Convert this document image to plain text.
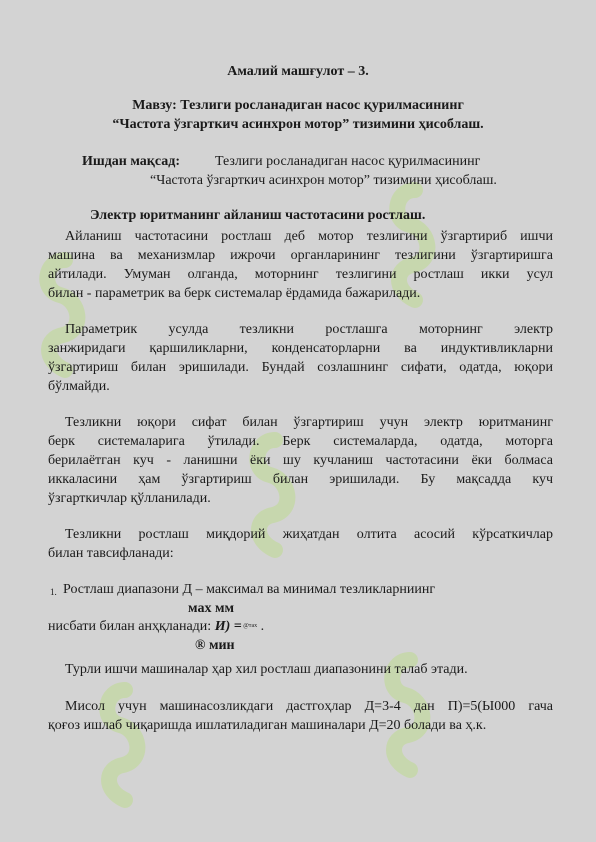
Амалий машғулот – 3.
Мавзу: Тезлиги росланадиган насос қурилмасининг
“Частота ўзгарткич асинхрон мотор” тизимини ҳисоблаш.
Ишдан мақсад:	Тезлиги росланадиган насос қурилмасининг
“Частота ўзгарткич асинхрон мотор” тизимини ҳисоблаш.
Электр юритманинг айланиш частотасини ростлаш.
Айланиш частотасини ростлаш деб мотор тезлигини ўзгартириб ишчи
машина ва механизмлар ижрочи органларининг тезлигини ўзгартиришга
айтилади. Умуман олганда, моторнинг тезлигини ростлаш икки усул
билан - параметрик ва берк системалар ёрдамида бажарилади.
Параметрик усулда тезликни ростлашга моторнинг электр
занжиридаги қаршиликларни, конденсаторларни ва индуктивликларни
ўзгартириш билан эришилади. Бундай созлашнинг сифати, одатда, юқори
бўлмайди.
Тезликни юқори сифат билан ўзгартириш учун электр юритманинг
берк системаларига ўтилади. Берк системаларда, одатда, моторга
берилаётган куч - ланишни ёки шу кучланиш частотасини ёки болмаса
иккаласини ҳам ўзгартириш билан эришилади. Бу мақсадда куч
ўзгарткичлар қўлланилади.
Тезликни ростлаш миқдорий жиҳатдан олтита асосий кўрсаткичлар
билан тавсифланади:
1. Ростлаш диапазони Д – максимал ва минимал тезликларниинг
мах мм
нисбати билан анҳқланади: И) = $^{@тах}$ .
® мин
Турли ишчи машиналар ҳар хил ростлаш диапазонини талаб этади.
Мисол учун машинасозликдаги дастгоҳлар Д=3-4 дан П)=5(Ы000 гача
қоғоз ишлаб чиқаришда ишлатиладиган машиналари Д=20 болади ва ҳ.к.
